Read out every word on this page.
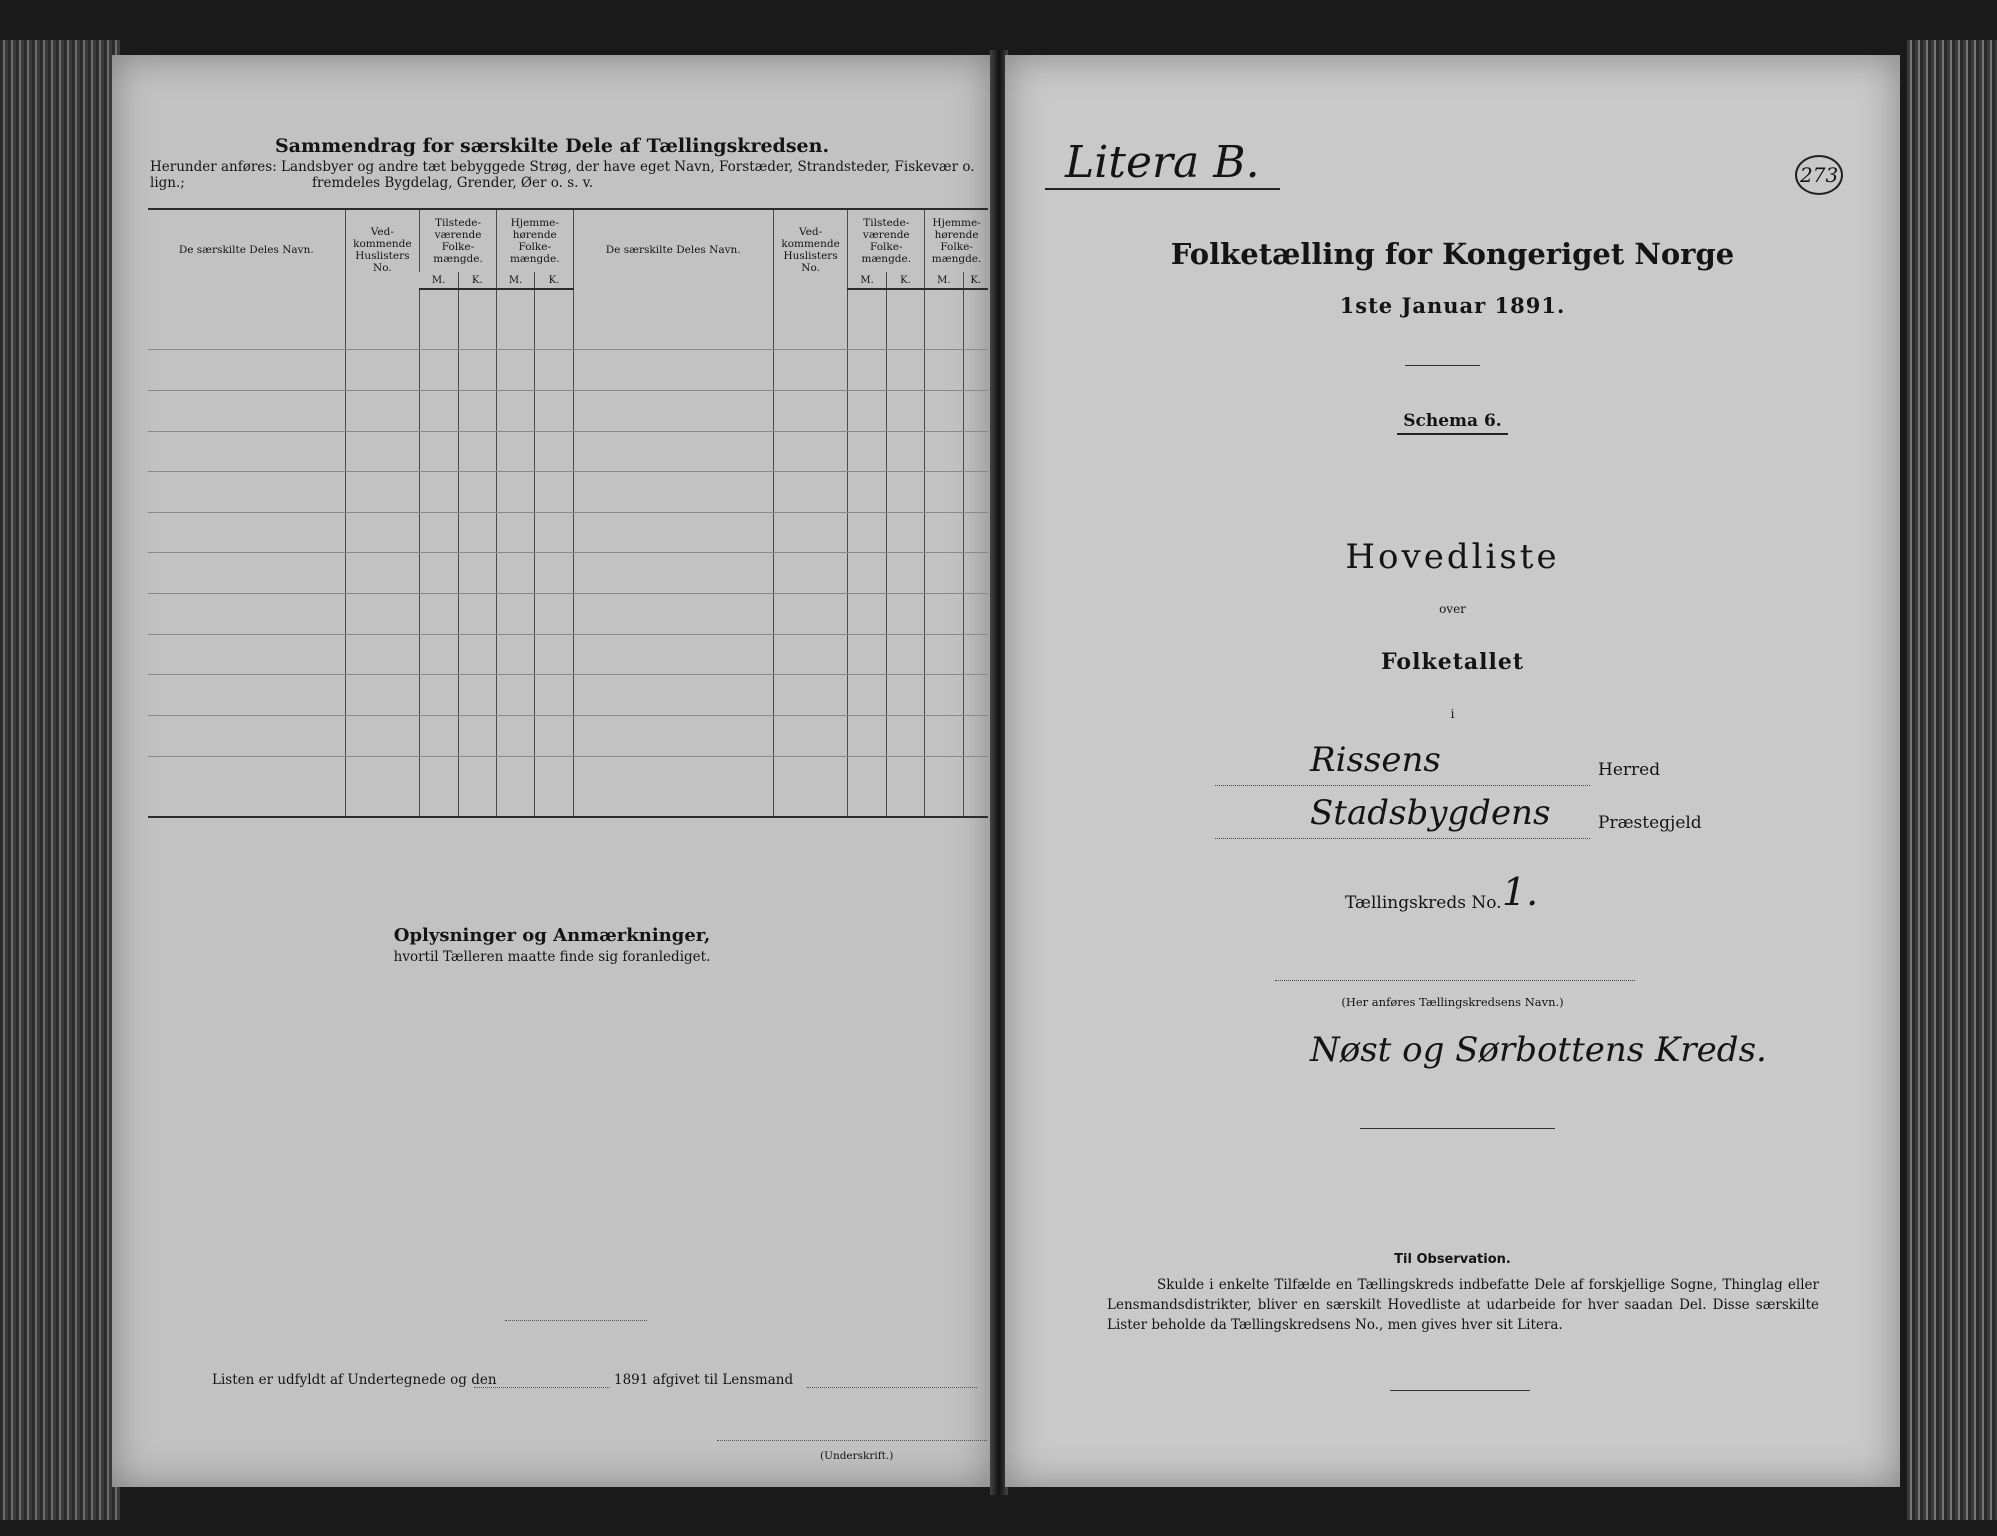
Sammendrag for særskilte Dele af Tællingskredsen.
Herunder anføres: Landsbyer og andre tæt bebyggede Strøg, der have eget Navn, Forstæder, Strandsteder, Fiskevær o. lign.;	fremdeles Bygdelag, Grender, Øer o. s. v.
De særskilte Deles Navn.	Ved-
kommende
Huslisters
No.	Tilstede-
værende
Folke-
mængde.		Hjemme-
hørende
Folke-
mængde.		De særskilte Deles Navn.	Ved-
kommende
Huslisters
No.	Tilstede-
værende
Folke-
mængde.		Hjemme-
hørende
Folke-
mængde.	
		M.	K.	M.	K.			M.	K.	M.	K.

Oplysninger og Anmærkninger,
hvortil Tælleren maatte finde sig foranlediget.
Listen er udfyldt af Undertegnede og den	1891 afgivet til Lensmand
(Underskrift.)
Litera B.	273
Folketælling for Kongeriget Norge
1ste Januar 1891.
Schema 6.
Hovedliste
over
Folketallet
i
Rissens	Herred
Stadsbygdens	Præstegjeld
Tællingskreds No. 1.
(Her anføres Tællingskredsens Navn.)
Nøst og Sørbottens Kreds.
Til Observation.
Skulde i enkelte Tilfælde en Tællingskreds indbefatte Dele af forskjellige Sogne, Thinglag eller Lensmandsdistrikter, bliver en særskilt Hovedliste at udarbeide for hver saadan Del. Disse særskilte Lister beholde da Tællingskredsens No., men gives hver sit Litera.
